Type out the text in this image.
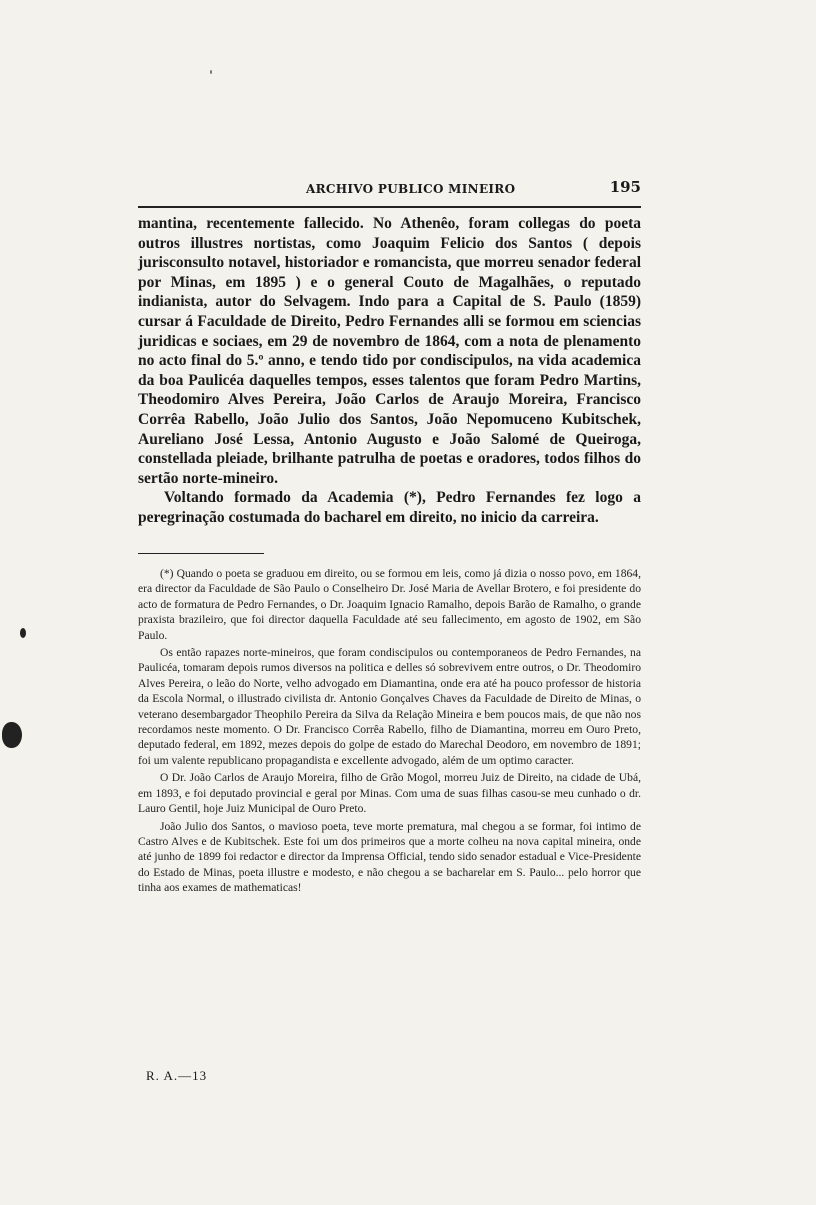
ARCHIVO PUBLICO MINEIRO	195

mantina, recentemente fallecido. No Athenêo, foram collegas do poeta outros illustres nortistas, como Joaquim Felicio dos Santos ( depois jurisconsulto notavel, historiador e romancista, que morreu senador federal por Minas, em 1895 ) e o general Couto de Magalhães, o reputado indianista, autor do Selvagem. Indo para a Capital de S. Paulo (1859) cursar á Faculdade de Direito, Pedro Fernandes alli se formou em sciencias juridicas e sociaes, em 29 de novembro de 1864, com a nota de plenamento no acto final do 5.º anno, e tendo tido por condiscipulos, na vida academica da boa Paulicéa daquelles tempos, esses talentos que foram Pedro Martins, Theodomiro Alves Pereira, João Carlos de Araujo Moreira, Francisco Corrêa Rabello, João Julio dos Santos, João Nepomuceno Kubitschek, Aureliano José Lessa, Antonio Augusto e João Salomé de Queiroga, constellada pleiade, brilhante patrulha de poetas e oradores, todos filhos do sertão norte-mineiro.

Voltando formado da Academia (*), Pedro Fernandes fez logo a peregrinação costumada do bacharel em direito, no inicio da carreira.

(*) Quando o poeta se graduou em direito, ou se formou em leis, como já dizia o nosso povo, em 1864, era director da Faculdade de São Paulo o Conselheiro Dr. José Maria de Avellar Brotero, e foi presidente do acto de formatura de Pedro Fernandes, o Dr. Joaquim Ignacio Ramalho, depois Barão de Ramalho, o grande praxista brazileiro, que foi director daquella Faculdade até seu fallecimento, em agosto de 1902, em São Paulo.

Os então rapazes norte-mineiros, que foram condiscipulos ou contemporaneos de Pedro Fernandes, na Paulicéa, tomaram depois rumos diversos na politica e delles só sobrevivem entre outros, o Dr. Theodomiro Alves Pereira, o leão do Norte, velho advogado em Diamantina, onde era até ha pouco professor de historia da Escola Normal, o illustrado civilista dr. Antonio Gonçalves Chaves da Faculdade de Direito de Minas, o veterano desembargador Theophilo Pereira da Silva da Relação Mineira e bem poucos mais, de que não nos recordamos neste momento. O Dr. Francisco Corrêa Rabello, filho de Diamantina, morreu em Ouro Preto, deputado federal, em 1892, mezes depois do golpe de estado do Marechal Deodoro, em novembro de 1891; foi um valente republicano propagandista e excellente advogado, além de um optimo caracter.

O Dr. João Carlos de Araujo Moreira, filho de Grão Mogol, morreu Juiz de Direito, na cidade de Ubá, em 1893, e foi deputado provincial e geral por Minas. Com uma de suas filhas casou-se meu cunhado o dr. Lauro Gentil, hoje Juiz Municipal de Ouro Preto.

João Julio dos Santos, o mavioso poeta, teve morte prematura, mal chegou a se formar, foi intimo de Castro Alves e de Kubitschek. Este foi um dos primeiros que a morte colheu na nova capital mineira, onde até junho de 1899 foi redactor e director da Imprensa Official, tendo sido senador estadual e Vice-Presidente do Estado de Minas, poeta illustre e modesto, e não chegou a se bacharelar em S. Paulo... pelo horror que tinha aos exames de mathematicas!

R. A.—13
